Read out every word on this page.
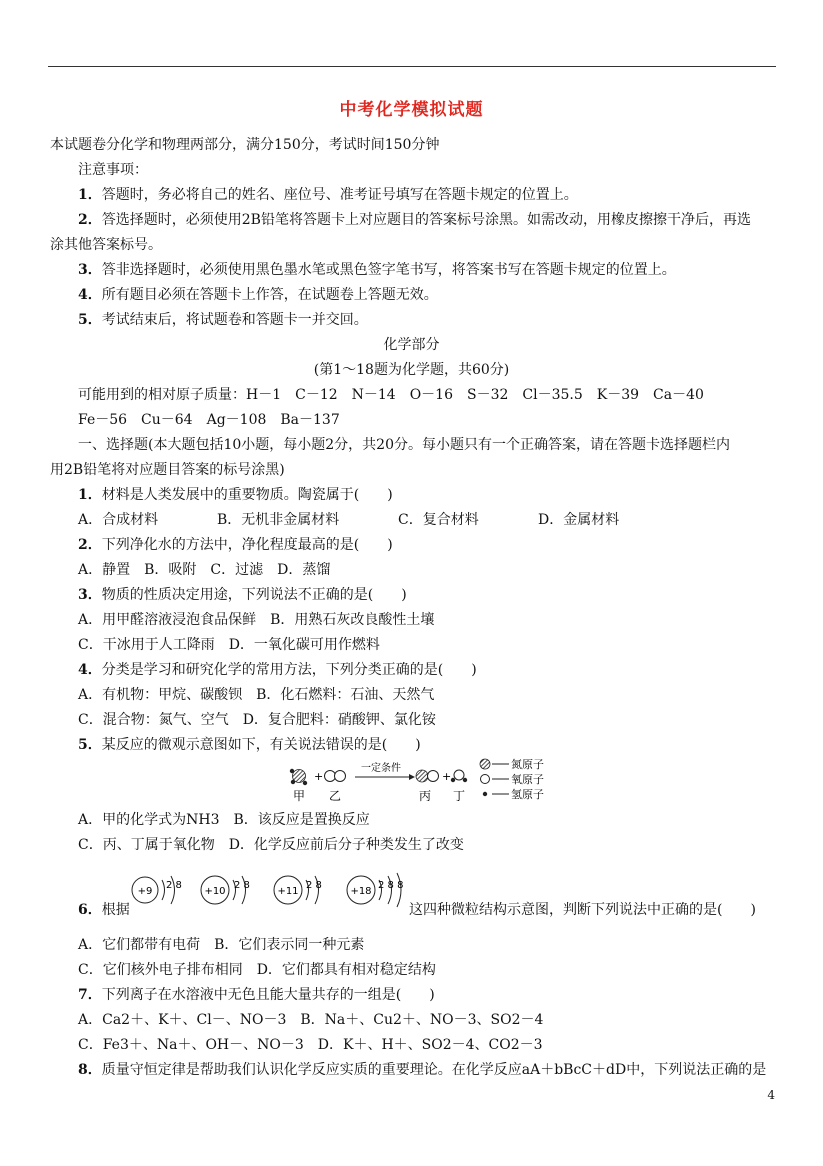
中考化学模拟试题
本试题卷分化学和物理两部分，满分150分，考试时间150分钟
注意事项：
1．答题时，务必将自己的姓名、座位号、准考证号填写在答题卡规定的位置上。
2．答选择题时，必须使用2B铅笔将答题卡上对应题目的答案标号涂黑。如需改动，用橡皮擦擦干净后，再选
涂其他答案标号。
3．答非选择题时，必须使用黑色墨水笔或黑色签字笔书写，将答案书写在答题卡规定的位置上。
4．所有题目必须在答题卡上作答，在试题卷上答题无效。
5．考试结束后，将试题卷和答题卡一并交回。
化学部分
(第1～18题为化学题，共60分)
可能用到的相对原子质量：H－1　C－12　N－14　O－16　S－32　Cl－35.5　K－39　Ca－40
Fe－56　Cu－64　Ag－108　Ba－137
一、选择题(本大题包括10小题，每小题2分，共20分。每小题只有一个正确答案，请在答题卡选择题栏内
用2B铅笔将对应题目答案的标号涂黑)
1．材料是人类发展中的重要物质。陶瓷属于(　　)
A．合成材料	B．无机非金属材料	C．复合材料	D．金属材料
2．下列净化水的方法中，净化程度最高的是(　　)
A．静置　B．吸附　C．过滤　D．蒸馏
3．物质的性质决定用途，下列说法不正确的是(　　)
A．用甲醛溶液浸泡食品保鲜　B．用熟石灰改良酸性土壤
C．干冰用于人工降雨　D．一氧化碳可用作燃料
4．分类是学习和研究化学的常用方法，下列分类正确的是(　　)
A．有机物：甲烷、碳酸钡　B．化石燃料：石油、天然气
C．混合物：氮气、空气　D．复合肥料：硝酸钾、氯化铵
5．某反应的微观示意图如下，有关说法错误的是(　　)
+
一定条件
+
甲 乙	丙 丁
氮原子
氧原子
氢原子
A．甲的化学式为NH3　B．该反应是置换反应
C．丙、丁属于氧化物　D．化学反应前后分子种类发生了改变
6．根据
+9
2 8
+10
2 8
+11
2 8
+18
2 8 8
这四种微粒结构示意图，判断下列说法中正确的是(　　)
A．它们都带有电荷　B．它们表示同一种元素
C．它们核外电子排布相同　D．它们都具有相对稳定结构
7．下列离子在水溶液中无色且能大量共存的一组是(　　)
A．Ca2＋、K＋、Cl－、NO－3　B．Na＋、Cu2＋、NO－3、SO2－4
C．Fe3＋、Na＋、OH－、NO－3　D．K＋、H＋、SO2－4、CO2－3
8．质量守恒定律是帮助我们认识化学反应实质的重要理论。在化学反应aA＋bBcC＋dD中，下列说法正确的是
4
